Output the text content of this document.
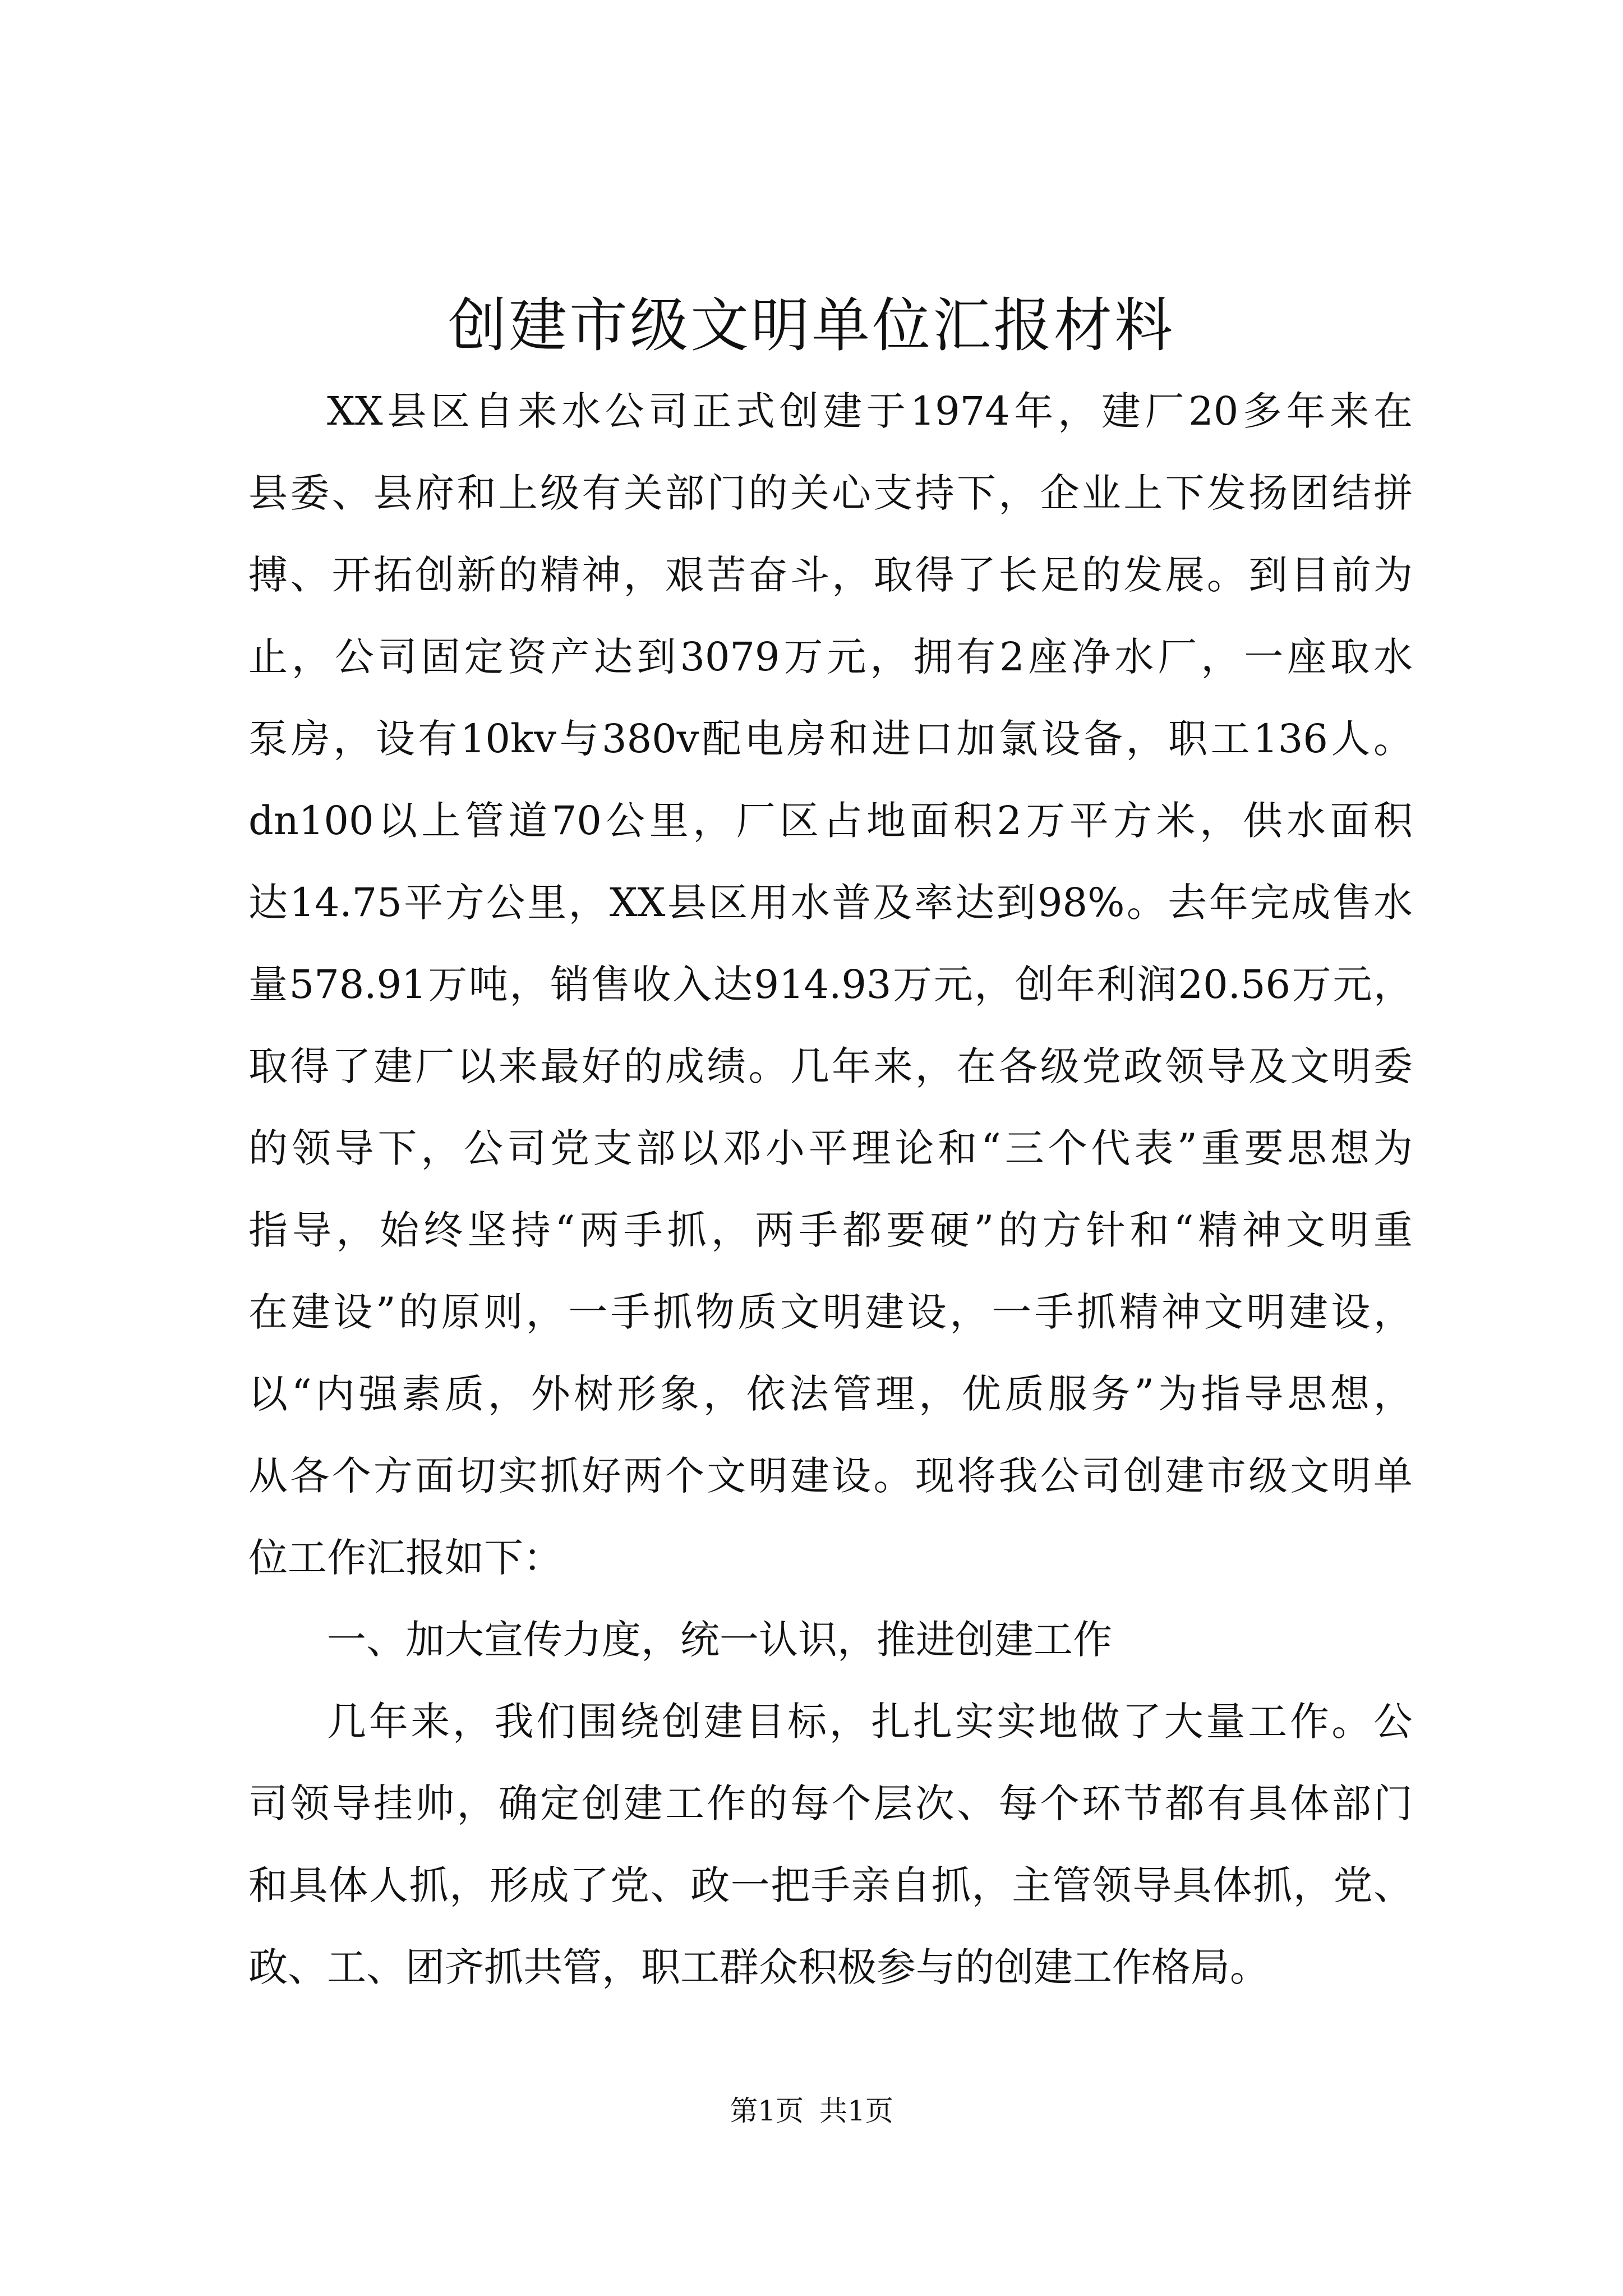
创建市级文明单位汇报材料
XX县区自来水公司正式创建于1974年，建厂20多年来在
县委、县府和上级有关部门的关心支持下，企业上下发扬团结拼
搏、开拓创新的精神，艰苦奋斗，取得了长足的发展。到目前为
止，公司固定资产达到3079万元，拥有2座净水厂，一座取水
泵房，设有10kv与380v配电房和进口加氯设备，职工136人。
dn100以上管道70公里，厂区占地面积2万平方米，供水面积
达14.75平方公里，XX县区用水普及率达到98%。去年完成售水
量578.91万吨，销售收入达914.93万元，创年利润20.56万元，
取得了建厂以来最好的成绩。几年来，在各级党政领导及文明委
的领导下，公司党支部以邓小平理论和“三个代表”重要思想为
指导，始终坚持“两手抓，两手都要硬”的方针和“精神文明重
在建设”的原则，一手抓物质文明建设，一手抓精神文明建设，
以“内强素质，外树形象，依法管理，优质服务”为指导思想，
从各个方面切实抓好两个文明建设。现将我公司创建市级文明单
位工作汇报如下：
一、加大宣传力度，统一认识，推进创建工作
几年来，我们围绕创建目标，扎扎实实地做了大量工作。公
司领导挂帅，确定创建工作的每个层次、每个环节都有具体部门
和具体人抓，形成了党、政一把手亲自抓，主管领导具体抓，党、
政、工、团齐抓共管，职工群众积极参与的创建工作格局。
第1页 共1页
